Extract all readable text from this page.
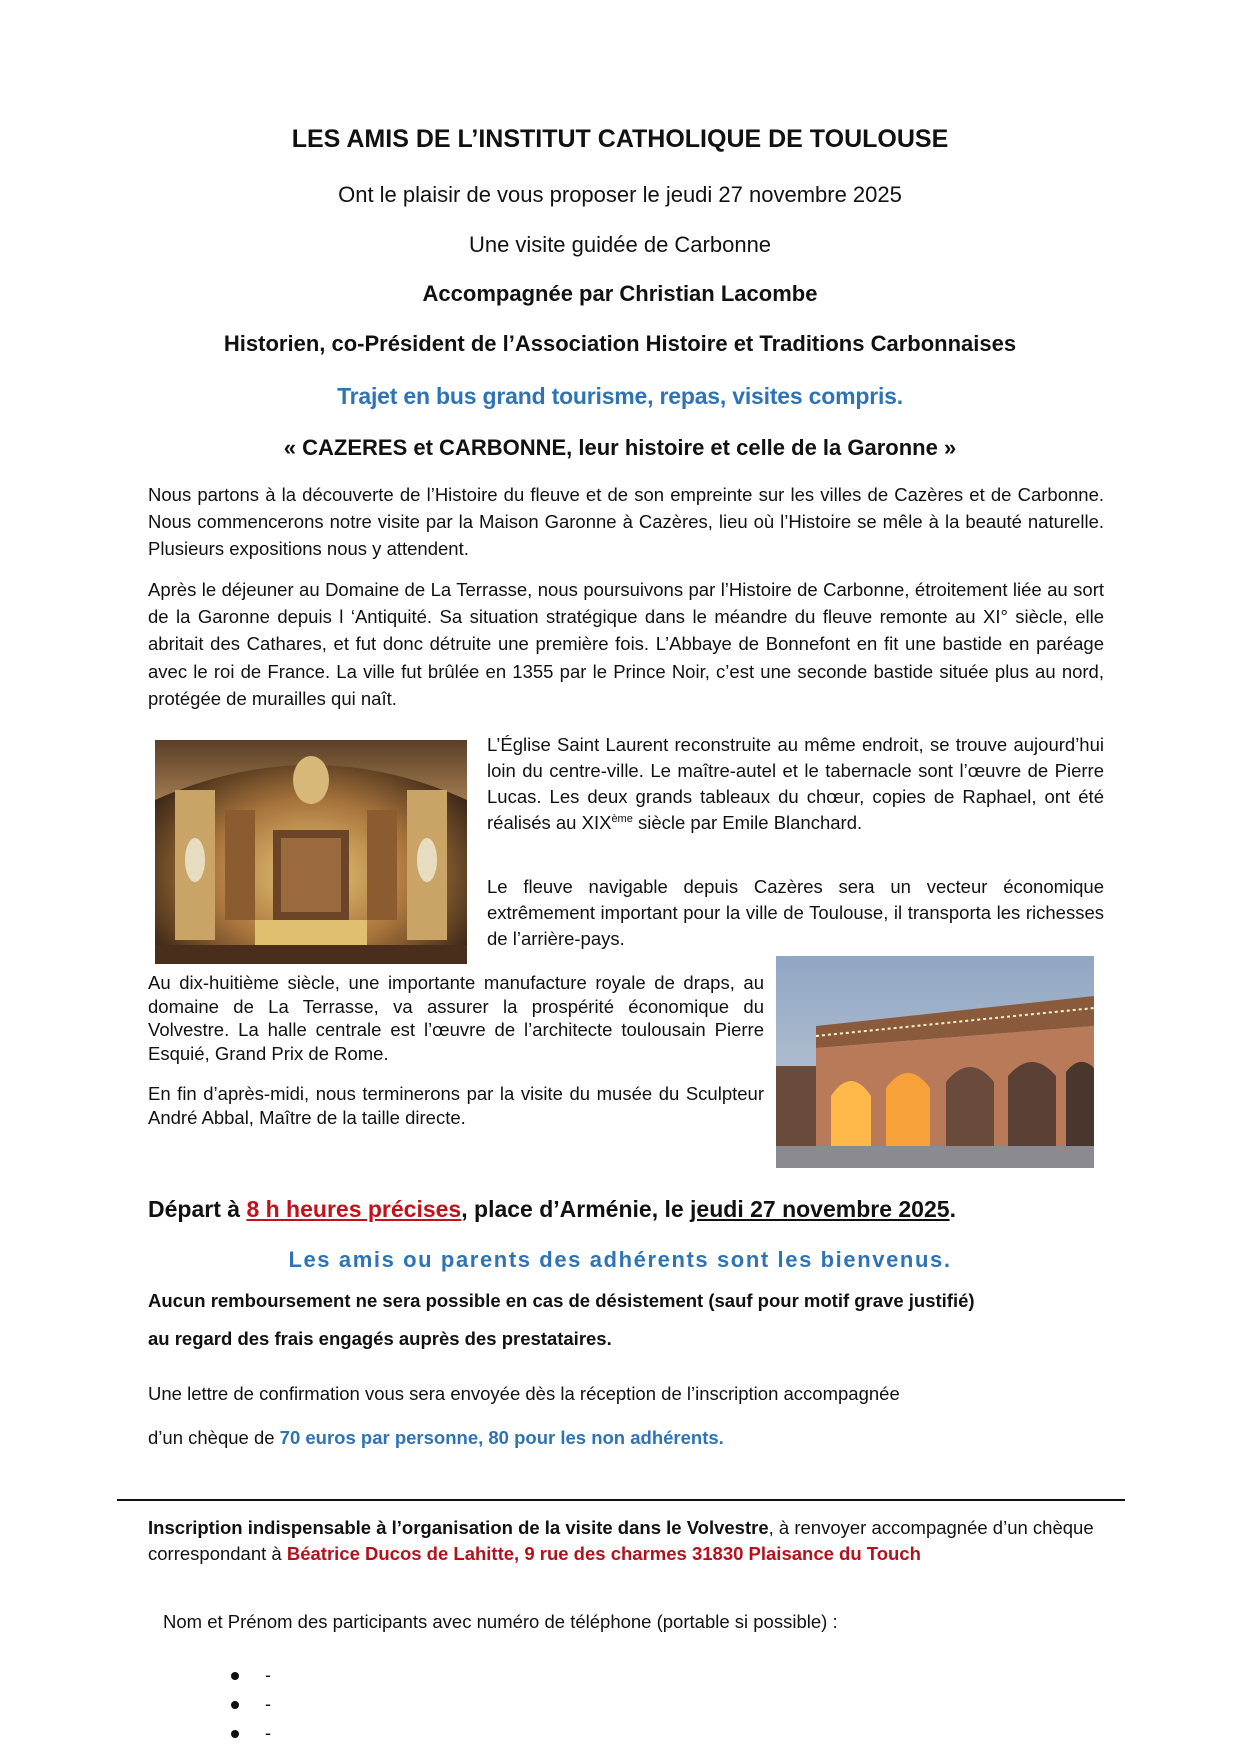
LES AMIS DE L’INSTITUT CATHOLIQUE DE TOULOUSE
Ont le plaisir de vous proposer le jeudi 27 novembre 2025
Une visite guidée de Carbonne
Accompagnée par Christian Lacombe
Historien, co-Président de l’Association Histoire et Traditions Carbonnaises
Trajet en bus grand tourisme, repas, visites compris.
« CAZERES et CARBONNE, leur histoire et celle de la Garonne »

Nous partons à la découverte de l’Histoire du fleuve et de son empreinte sur les villes de Cazères et de Carbonne. Nous commencerons notre visite par la Maison Garonne à Cazères, lieu où l’Histoire se mêle à la beauté naturelle. Plusieurs expositions nous y attendent.

Après le déjeuner au Domaine de La Terrasse, nous poursuivons par l’Histoire de Carbonne, étroitement liée au sort de la Garonne depuis l ‘Antiquité. Sa situation stratégique dans le méandre du fleuve remonte au XI° siècle, elle abritait des Cathares, et fut donc détruite une première fois. L’Abbaye de Bonnefont en fit une bastide en paréage avec le roi de France. La ville fut brûlée en 1355 par le Prince Noir, c’est une seconde bastide située plus au nord, protégée de murailles qui naît.

L’Église Saint Laurent reconstruite au même endroit, se trouve aujourd’hui loin du centre-ville. Le maître-autel et le tabernacle sont l’œuvre de Pierre Lucas. Les deux grands tableaux du chœur, copies de Raphael, ont été réalisés au XIXème siècle par Emile Blanchard.

Le fleuve navigable depuis Cazères sera un vecteur économique extrêmement important pour la ville de Toulouse, il transporta les richesses de l’arrière-pays.

Au dix-huitième siècle, une importante manufacture royale de draps, au domaine de La Terrasse, va assurer la prospérité économique du Volvestre. La halle centrale est l’œuvre de l’architecte toulousain Pierre Esquié, Grand Prix de Rome.

En fin d’après-midi, nous terminerons par la visite du musée du Sculpteur André Abbal, Maître de la taille directe.

Départ à 8 h heures précises, place d’Arménie, le jeudi 27 novembre 2025.
Les amis ou parents des adhérents sont les bienvenus.
Aucun remboursement ne sera possible en cas de désistement (sauf pour motif grave justifié)
au regard des frais engagés auprès des prestataires.
Une lettre de confirmation vous sera envoyée dès la réception de l’inscription accompagnée
d’un chèque de 70 euros par personne, 80 pour les non adhérents.
Inscription indispensable à l’organisation de la visite dans le Volvestre, à renvoyer accompagnée d’un chèque correspondant à Béatrice Ducos de Lahitte, 9 rue des charmes 31830 Plaisance du Touch
Nom et Prénom des participants avec numéro de téléphone (portable si possible) :
-
-
-
